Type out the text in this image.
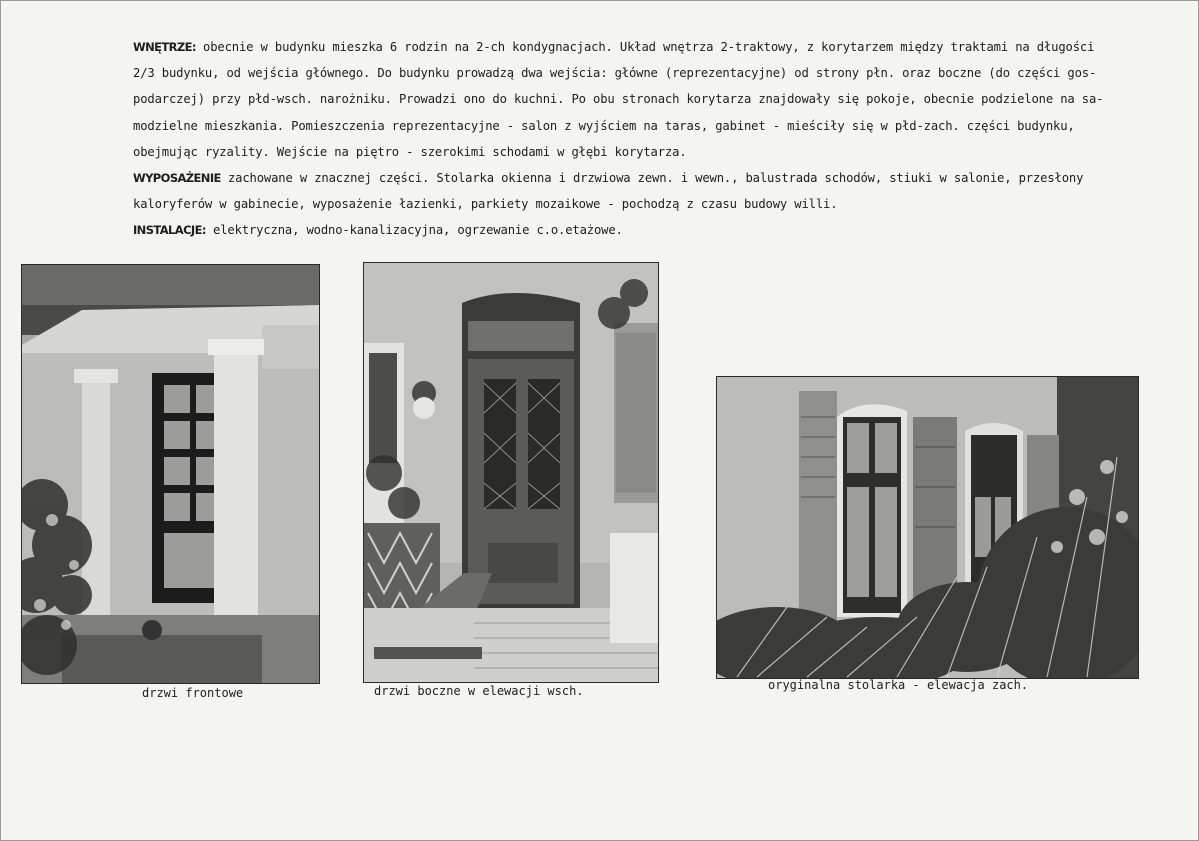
WNĘTRZE: obecnie w budynku mieszka 6 rodzin na 2-ch kondygnacjach. Układ wnętrza 2-traktowy, z korytarzem między traktami na długości
2/3 budynku, od wejścia głównego. Do budynku prowadzą dwa wejścia: główne (reprezentacyjne) od strony płn. oraz boczne (do części gos-
podarczej) przy płd-wsch. narożniku. Prowadzi ono do kuchni. Po obu stronach korytarza znajdowały się pokoje, obecnie podzielone na sa-
modzielne mieszkania. Pomieszczenia reprezentacyjne - salon z wyjściem na taras, gabinet - mieściły się w płd-zach. części budynku,
obejmując ryzality. Wejście na piętro - szerokimi schodami w głębi korytarza.
WYPOSAŻENIE zachowane w znacznej części. Stolarka okienna i drzwiowa zewn. i wewn., balustrada schodów, stiuki w salonie, przesłony
kaloryferów w gabinecie, wyposażenie łazienki, parkiety mozaikowe - pochodzą z czasu budowy willi.
INSTALACJE: elektryczna, wodno-kanalizacyjna, ogrzewanie c.o.etażowe.
drzwi frontowe	drzwi boczne w elewacji wsch.	oryginalna stolarka - elewacja zach.
